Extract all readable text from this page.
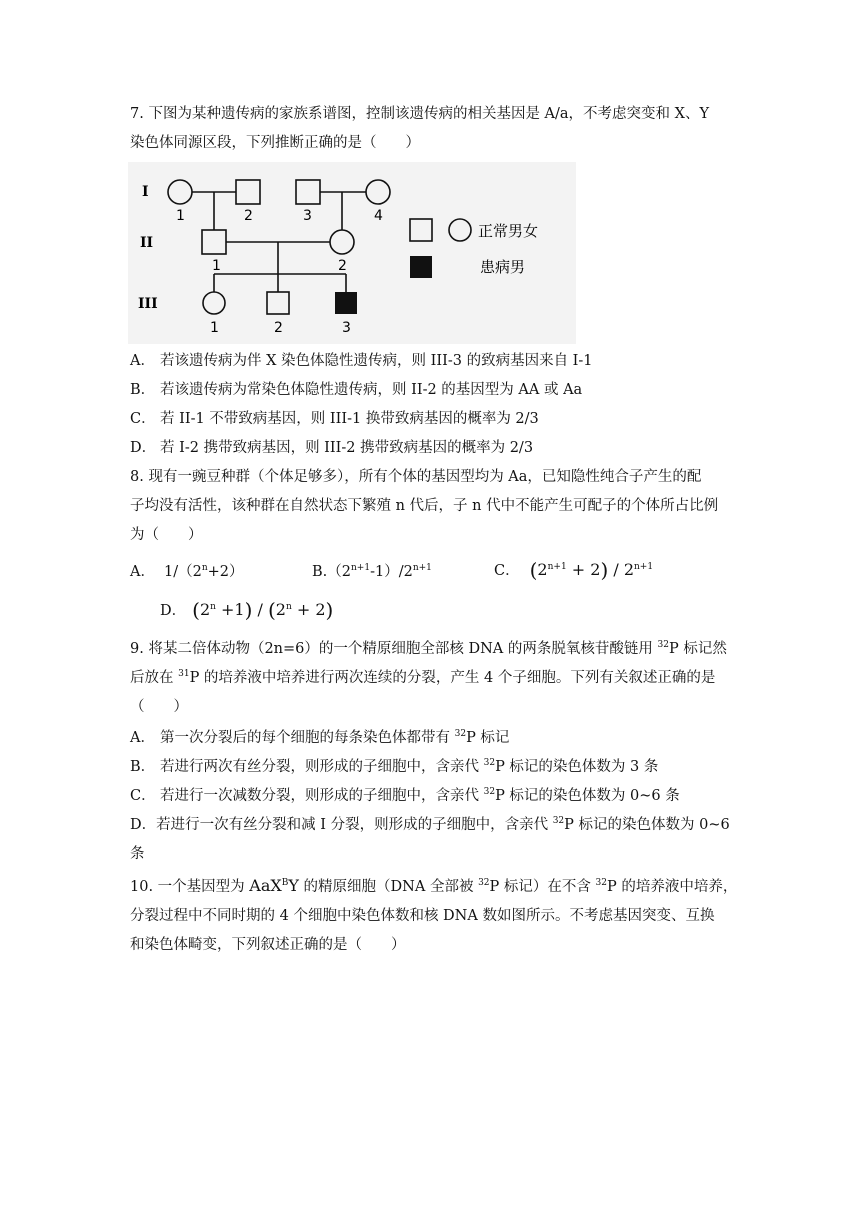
7. 下图为某种遗传病的家族系谱图，控制该遗传病的相关基因是 A/a，不考虑突变和 X、Y
染色体同源区段，下列推断正确的是（　　）
I
II
III
1	2	3	4
1	2
1	2	3
正常男女
患病男
A． 若该遗传病为伴 X 染色体隐性遗传病，则 III-3 的致病基因来自 I-1
B． 若该遗传病为常染色体隐性遗传病，则 II-2 的基因型为 AA 或 Aa
C． 若 II-1 不带致病基因，则 III-1 换带致病基因的概率为 2/3
D． 若 I-2 携带致病基因，则 III-2 携带致病基因的概率为 2/3
8. 现有一豌豆种群（个体足够多），所有个体的基因型均为 Aa，已知隐性纯合子产生的配
子均没有活性，该种群在自然状态下繁殖 n 代后，子 n 代中不能产生可配子的个体所占比例
为（　　）
A． $1/(2^n+2)$	$B.(2^{n+1}-1)/2^{n+1}$	C． $(2^{n+1} + 2) / 2^{n+1}$
D． $(2^n +1) / (2^n + 2)$
9. 将某二倍体动物（2n=6）的一个精原细胞全部核 DNA 的两条脱氧核苷酸链用 $^{32}$P 标记然
后放在 $^{31}$P 的培养液中培养进行两次连续的分裂，产生 4 个子细胞。下列有关叙述正确的是
（　　）
A． 第一次分裂后的每个细胞的每条染色体都带有 $^{32}$P 标记
B． 若进行两次有丝分裂，则形成的子细胞中，含亲代 $^{32}$P 标记的染色体数为 3 条
C． 若进行一次减数分裂，则形成的子细胞中，含亲代 $^{32}$P 标记的染色体数为 0~6 条
D．若进行一次有丝分裂和减 I 分裂，则形成的子细胞中，含亲代 $^{32}$P 标记的染色体数为 0~6
条
10. 一个基因型为 AaX$^B$Y 的精原细胞（DNA 全部被 $^{32}$P 标记）在不含 $^{32}$P 的培养液中培养，
分裂过程中不同时期的 4 个细胞中染色体数和核 DNA 数如图所示。不考虑基因突变、互换
和染色体畸变，下列叙述正确的是（　　）
